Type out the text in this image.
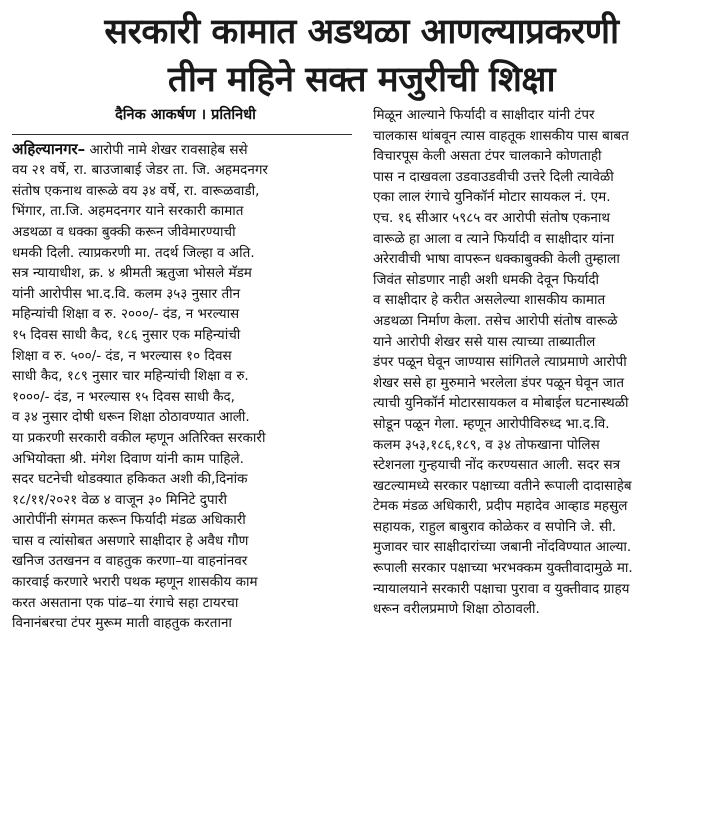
सरकारी कामात अडथळा आणल्याप्रकरणी
तीन महिने सक्त मजुरीची शिक्षा
दैनिक आकर्षण । प्रतिनिधी
अहिल्यानगर– आरोपी नामे शेखर रावसाहेब ससे
वय २१ वर्षे, रा. बाउजाबाई जेडर ता. जि. अहमदनगर
संतोष एकनाथ वारूळे वय ३४ वर्षे, रा. वारूळवाडी,
भिंगार, ता.जि. अहमदनगर याने सरकारी कामात
अडथळा व धक्का बुक्की करून जीवेमारण्याची
धमकी दिली. त्याप्रकरणी मा. तदर्थ जिल्हा व अति.
सत्र न्यायाधीश, क्र. ४ श्रीमती ऋतुजा भोसले मॅडम
यांनी आरोपीस भा.द.वि. कलम ३५३ नुसार तीन
महिन्यांची शिक्षा व रु. २०००/- दंड, न भरल्यास
१५ दिवस साधी कैद, १८६ नुसार एक महिन्यांची
शिक्षा व रु. ५००/- दंड, न भरल्यास १० दिवस
साधी कैद, १८९ नुसार चार महिन्यांची शिक्षा व रु.
१०००/- दंड, न भरल्यास १५ दिवस साधी कैद,
व ३४ नुसार दोषी धरून शिक्षा ठोठावण्यात आली.
या प्रकरणी सरकारी वकील म्हणून अतिरिक्त सरकारी
अभियोक्ता श्री. मंगेश दिवाण यांनी काम पाहिले.
सदर घटनेची थोडक्यात हकिकत अशी की,दिनांक
१८/११/२०२१ वेळ ४ वाजून ३० मिनिटे दुपारी
आरोपींनी संगमत करून फिर्यादी मंडळ अधिकारी
चास व त्यांसोबत असणारे साक्षीदार हे अवैध गौण
खनिज उतखनन व वाहतुक करणा–या वाहनांनवर
कारवाई करणारे भरारी पथक म्हणून शासकीय काम
करत असताना एक पांढ–या रंगाचे सहा टायरचा
विनानंबरचा टंपर मुरूम माती वाहतुक करताना
मिळून आल्याने फिर्यादी व साक्षीदार यांनी टंपर
चालकास थांबवून त्यास वाहतूक शासकीय पास बाबत
विचारपूस केली असता टंपर चालकाने कोणताही
पास न दाखवला उडवाउडवीची उत्तरे दिली त्यावेळी
एका लाल रंगाचे युनिकॉर्न मोटार सायकल नं. एम.
एच. १६ सीआर ५९८५ वर आरोपी संतोष एकनाथ
वारूळे हा आला व त्याने फिर्यादी व साक्षीदार यांना
अरेरावीची भाषा वापरून धक्काबुक्की केली तुम्हाला
जिवंत सोडणार नाही अशी धमकी देवून फिर्यादी
व साक्षीदार हे करीत असलेल्या शासकीय कामात
अडथळा निर्माण केला. तसेच आरोपी संतोष वारूळे
याने आरोपी शेखर ससे यास त्याच्या ताब्यातील
डंपर पळून घेवून जाण्यास सांगितले त्याप्रमाणे आरोपी
शेखर ससे हा मुरुमाने भरलेला डंपर पळून घेवून जात
त्याची युनिकॉर्न मोटारसायकल व मोबाईल घटनास्थळी
सोडून पळून गेला. म्हणून आरोपीविरुध्द भा.द.वि.
कलम ३५३,१८६,१८९, व ३४ तोफखाना पोलिस
स्टेशनला गुन्हयाची नोंद करण्यसात आली. सदर सत्र
खटल्यामध्ये सरकार पक्षाच्या वतीने रूपाली दादासाहेब
टेमक मंडळ अधिकारी, प्रदीप महादेव आव्हाड महसुल
सहायक, राहुल बाबुराव कोळेकर व सपोनि जे. सी.
मुजावर चार साक्षीदारांच्या जबानी नोंदविण्यात आल्या.
रूपाली सरकार पक्षाच्या भरभक्कम युक्तीवादामुळे मा.
न्यायालयाने सरकारी पक्षाचा पुरावा व युक्तीवाद ग्राहय
धरून वरीलप्रमाणे शिक्षा ठोठावली.
